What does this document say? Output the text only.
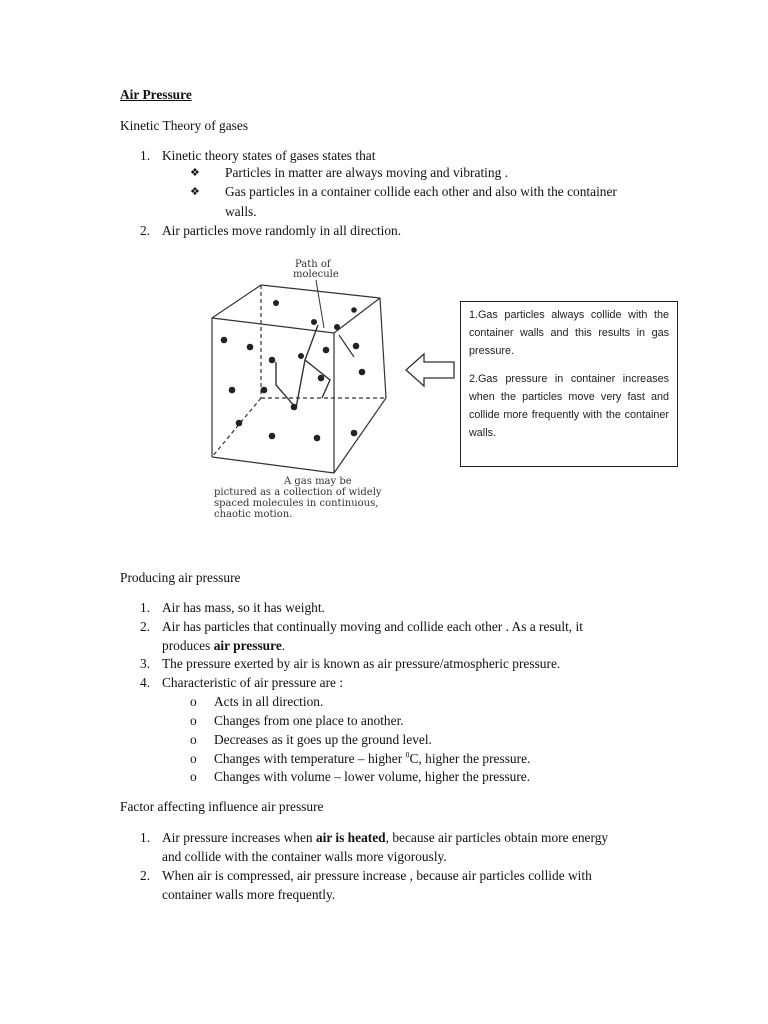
Air Pressure

Kinetic Theory of gases

1. Kinetic theory states of gases states that

❖ Particles in matter are always moving and vibrating .

❖ Gas particles in a container collide each other and also with the container

walls.

2. Air particles move randomly in all direction.

Path of
molecule
A gas may be
pictured as a collection of widely
spaced molecules in continuous,
chaotic motion.

1.Gas particles always collide with the container walls and this results in gas pressure.

2.Gas pressure in container increases when the particles move very fast and collide more frequently with the container walls.

Producing air pressure

1. Air has mass, so it has weight.

2. Air has particles that continually moving and collide each other . As a result, it

produces air pressure.

3. The pressure exerted by air is known as air pressure/atmospheric pressure.

4. Characteristic of air pressure are :

o Acts in all direction.

o Changes from one place to another.

o Decreases as it goes up the ground level.

o Changes with temperature – higher $^0$C, higher the pressure.

o Changes with volume – lower volume, higher the pressure.

Factor affecting influence air pressure

1. Air pressure increases when air is heated, because air particles obtain more energy

and collide with the container walls more vigorously.

2. When air is compressed, air pressure increase , because air particles collide with

container walls more frequently.
